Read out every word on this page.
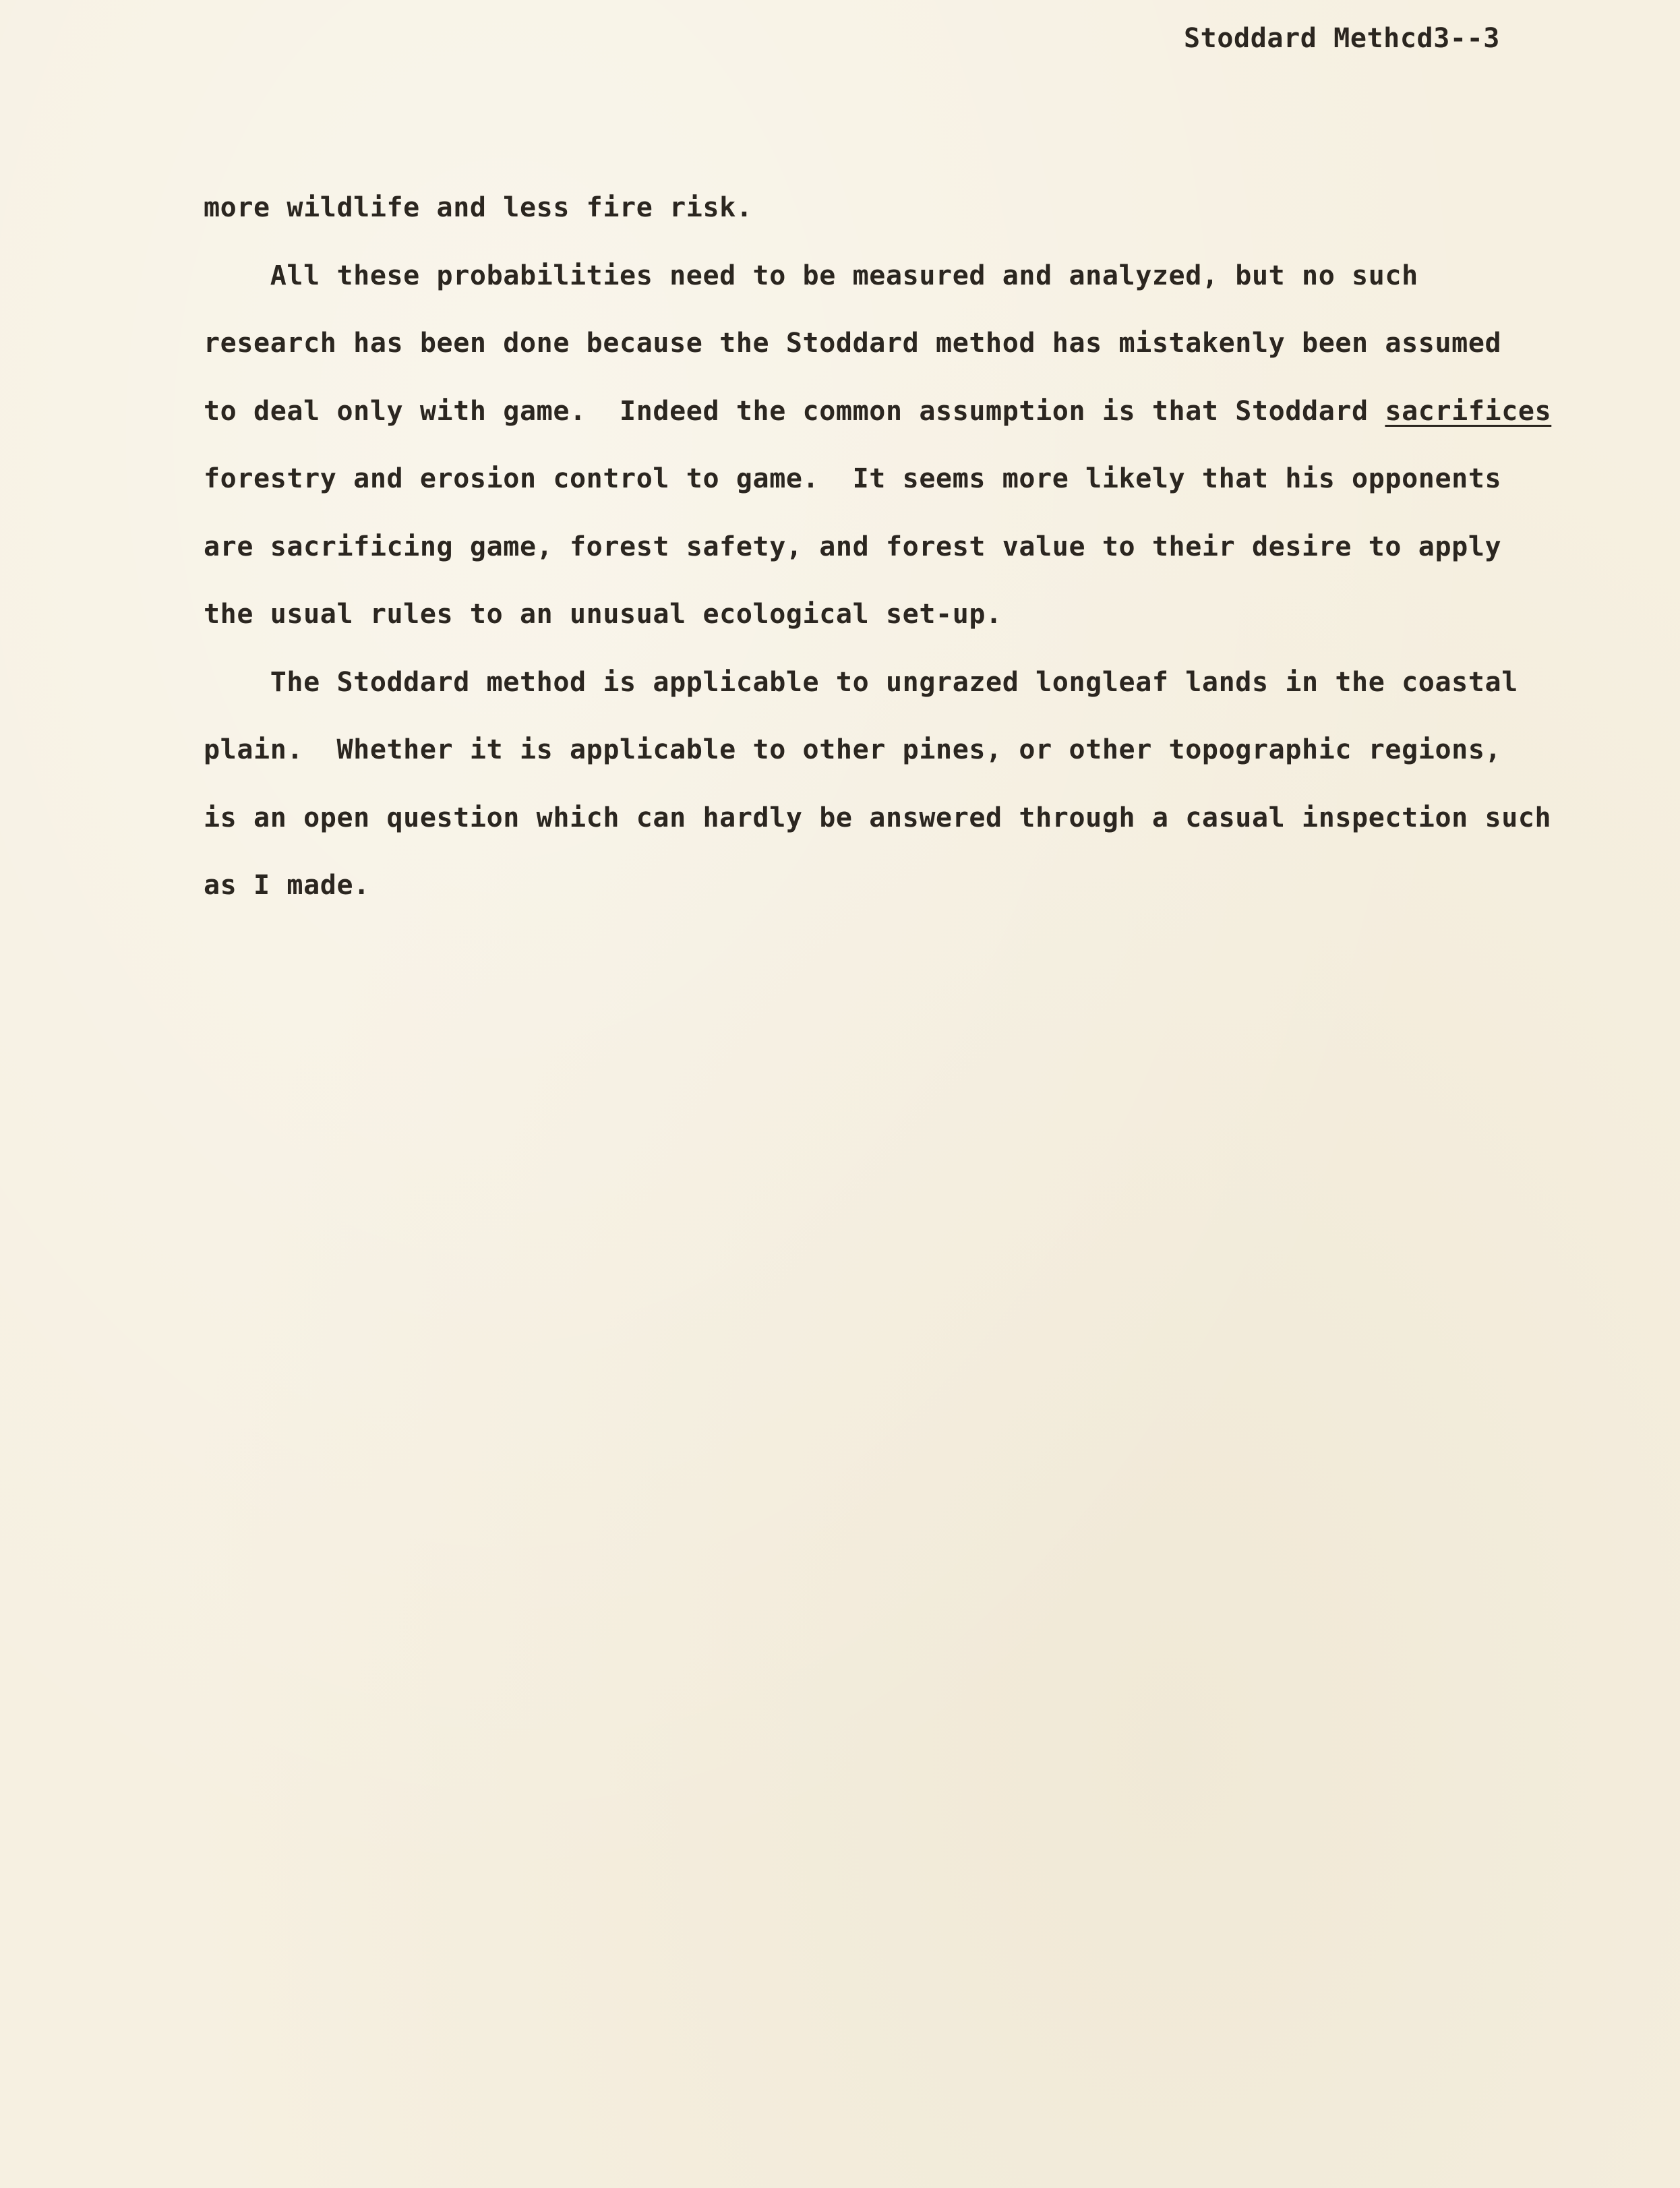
Stoddard Methcd3--3
more wildlife and less fire risk.
All these probabilities need to be measured and analyzed, but no such
research has been done because the Stoddard method has mistakenly been assumed
to deal only with game.  Indeed the common assumption is that Stoddard sacrifices
forestry and erosion control to game.  It seems more likely that his opponents
are sacrificing game, forest safety, and forest value to their desire to apply
the usual rules to an unusual ecological set-up.
The Stoddard method is applicable to ungrazed longleaf lands in the coastal
plain.  Whether it is applicable to other pines, or other topographic regions,
is an open question which can hardly be answered through a casual inspection such
as I made.
